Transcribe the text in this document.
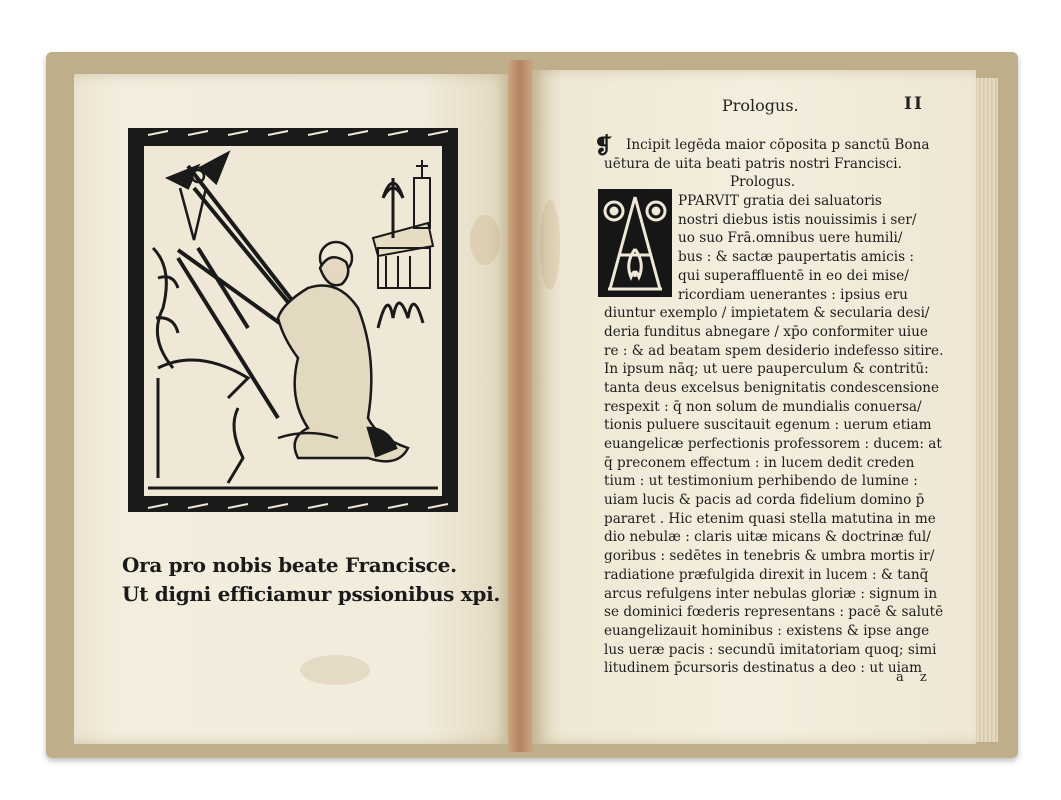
Ora pro nobis beate Francisce.
Ut digni efficiamur pssionibus xpi.
Prologus.	II
❡ Incipit legēda maior cōposita p sanctū Bona
uētura de uita beati patris nostri Francisci.
Prologus.
PPARVIT gratia dei saluatoris
nostri diebus istis nouissimis i ser/
uo suo Frā.omnibus uere humili/
bus : & sactæ paupertatis amicis :
qui superaffluentē in eo dei mise/
ricordiam uenerantes : ipsius eru
diuntur exemplo / impietatem & secularia desi/
deria funditus abnegare / xp̄o conformiter uiue
re : & ad beatam spem desiderio indefesso sitire.
In ipsum nāq; ut uere pauperculum & contritū:
tanta deus excelsus benignitatis condescensione
respexit : q̄ non solum de mundialis conuersa/
tionis puluere suscitauit egenum : uerum etiam
euangelicæ perfectionis professorem : ducem: at
q̄ preconem effectum : in lucem dedit creden
tium : ut testimonium perhibendo de lumine :
uiam lucis & pacis ad corda fidelium domino p̄
pararet . Hic etenim quasi stella matutina in me
dio nebulæ : claris uitæ micans & doctrinæ ful/
goribus : sedētes in tenebris & umbra mortis ir/
radiatione præfulgida direxit in lucem : & tanq̄
arcus refulgens inter nebulas gloriæ : signum in
se dominici fœderis representans : pacē & salutē
euangelizauit hominibus : existens & ipse ange
lus ueræ pacis : secundū imitatoriam quoq; simi
litudinem p̄cursoris destinatus a deo : ut uiam
a z
